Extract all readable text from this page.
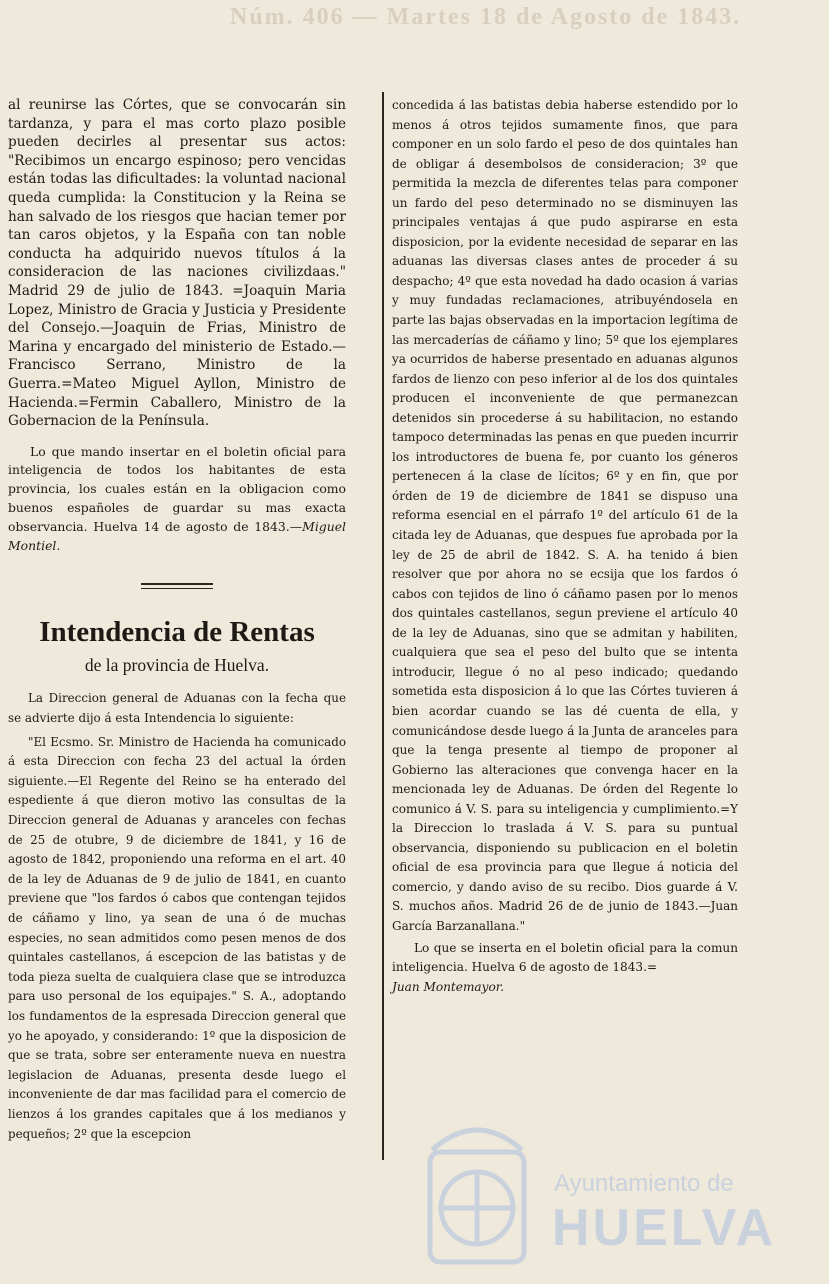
Núm. 406 — Martes 18 de Agosto de 1843.

al reunirse las Córtes, que se convocarán sin tardanza, y para el mas corto plazo posible pueden decirles al presentar sus actos: "Recibimos un encargo espinoso; pero vencidas están todas las dificultades: la voluntad nacional queda cumplida: la Constitucion y la Reina se han salvado de los riesgos que hacian temer por tan caros objetos, y la España con tan noble conducta ha adquirido nuevos títulos á la consideracion de las naciones civilizdaas." Madrid 29 de julio de 1843. =Joaquin Maria Lopez, Ministro de Gracia y Justicia y Presidente del Consejo.—Joaquin de Frias, Ministro de Marina y encargado del ministerio de Estado.—Francisco Serrano, Ministro de la Guerra.=Mateo Miguel Ayllon, Ministro de Hacienda.=Fermin Caballero, Ministro de la Gobernacion de la Península.

Lo que mando insertar en el boletin oficial para inteligencia de todos los habitantes de esta provincia, los cuales están en la obligacion como buenos españoles de guardar su mas exacta observancia. Huelva 14 de agosto de 1843.—Miguel Montiel.

Intendencia de Rentas
de la provincia de Huelva.

La Direccion general de Aduanas con la fecha que se advierte dijo á esta Intendencia lo siguiente:

"El Ecsmo. Sr. Ministro de Hacienda ha comunicado á esta Direccion con fecha 23 del actual la órden siguiente.—El Regente del Reino se ha enterado del espediente á que dieron motivo las consultas de la Direccion general de Aduanas y aranceles con fechas de 25 de otubre, 9 de diciembre de 1841, y 16 de agosto de 1842, proponiendo una reforma en el art. 40 de la ley de Aduanas de 9 de julio de 1841, en cuanto previene que "los fardos ó cabos que contengan tejidos de cáñamo y lino, ya sean de una ó de muchas especies, no sean admitidos como pesen menos de dos quintales castellanos, á escepcion de las batistas y de toda pieza suelta de cualquiera clase que se introduzca para uso personal de los equipajes." S. A., adoptando los fundamentos de la espresada Direccion general que yo he apoyado, y considerando: 1º que la disposicion de que se trata, sobre ser enteramente nueva en nuestra legislacion de Aduanas, presenta desde luego el inconveniente de dar mas facilidad para el comercio de lienzos á los grandes capitales que á los medianos y pequeños; 2º que la escepcion

concedida á las batistas debia haberse estendido por lo menos á otros tejidos sumamente finos, que para componer en un solo fardo el peso de dos quintales han de obligar á desembolsos de consideracion; 3º que permitida la mezcla de diferentes telas para componer un fardo del peso determinado no se disminuyen las principales ventajas á que pudo aspirarse en esta disposicion, por la evidente necesidad de separar en las aduanas las diversas clases antes de proceder á su despacho; 4º que esta novedad ha dado ocasion á varias y muy fundadas reclamaciones, atribuyéndosela en parte las bajas observadas en la importacion legítima de las mercaderías de cáñamo y lino; 5º que los ejemplares ya ocurridos de haberse presentado en aduanas algunos fardos de lienzo con peso inferior al de los dos quintales producen el inconveniente de que permanezcan detenidos sin procederse á su habilitacion, no estando tampoco determinadas las penas en que pueden incurrir los introductores de buena fe, por cuanto los géneros pertenecen á la clase de lícitos; 6º y en fin, que por órden de 19 de diciembre de 1841 se dispuso una reforma esencial en el párrafo 1º del artículo 61 de la citada ley de Aduanas, que despues fue aprobada por la ley de 25 de abril de 1842. S. A. ha tenido á bien resolver que por ahora no se ecsija que los fardos ó cabos con tejidos de lino ó cáñamo pasen por lo menos dos quintales castellanos, segun previene el artículo 40 de la ley de Aduanas, sino que se admitan y habiliten, cualquiera que sea el peso del bulto que se intenta introducir, llegue ó no al peso indicado; quedando sometida esta disposicion á lo que las Córtes tuvieren á bien acordar cuando se las dé cuenta de ella, y comunicándose desde luego á la Junta de aranceles para que la tenga presente al tiempo de proponer al Gobierno las alteraciones que convenga hacer en la mencionada ley de Aduanas. De órden del Regente lo comunico á V. S. para su inteligencia y cumplimiento.=Y la Direccion lo traslada á V. S. para su puntual observancia, disponiendo su publicacion en el boletin oficial de esa provincia para que llegue á noticia del comercio, y dando aviso de su recibo. Dios guarde á V. S. muchos años. Madrid 26 de de junio de 1843.—Juan García Barzanallana."

Lo que se inserta en el boletin oficial para la comun inteligencia. Huelva 6 de agosto de 1843.=
Juan Montemayor.

Ayuntamiento de
HUELVA
